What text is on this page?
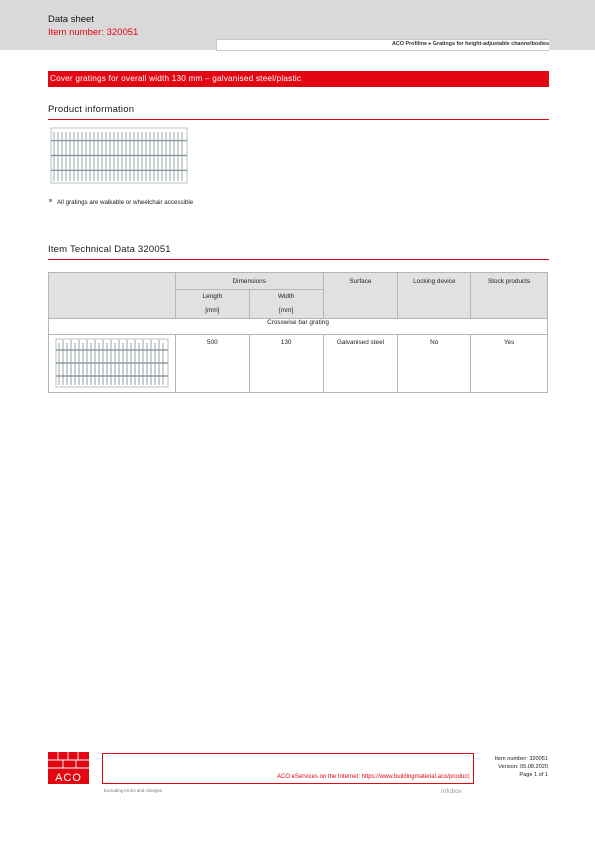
Data sheet
Item number: 320051
ACO Profiline ▸ Gratings for height-adjustable channelbodies
Cover gratings for overall width 130 mm – galvanised steel/plastic
Product information
All gratings are walkable or wheelchair accessible
Item Technical Data 320051

	Dimensions		Surface	Locking device	Stock products

	Length	Width			

	[mm]	[mm]			

Crosswise bar grating					
	500	130	Galvanised steel	No	Yes
ACO	ACO eServices on the Internet: https://www.buildingmaterial.aco/product
Excluding errors and changes	Infobox
Item number: 320051
Version: 05.08.2020
Page 1 of 1
